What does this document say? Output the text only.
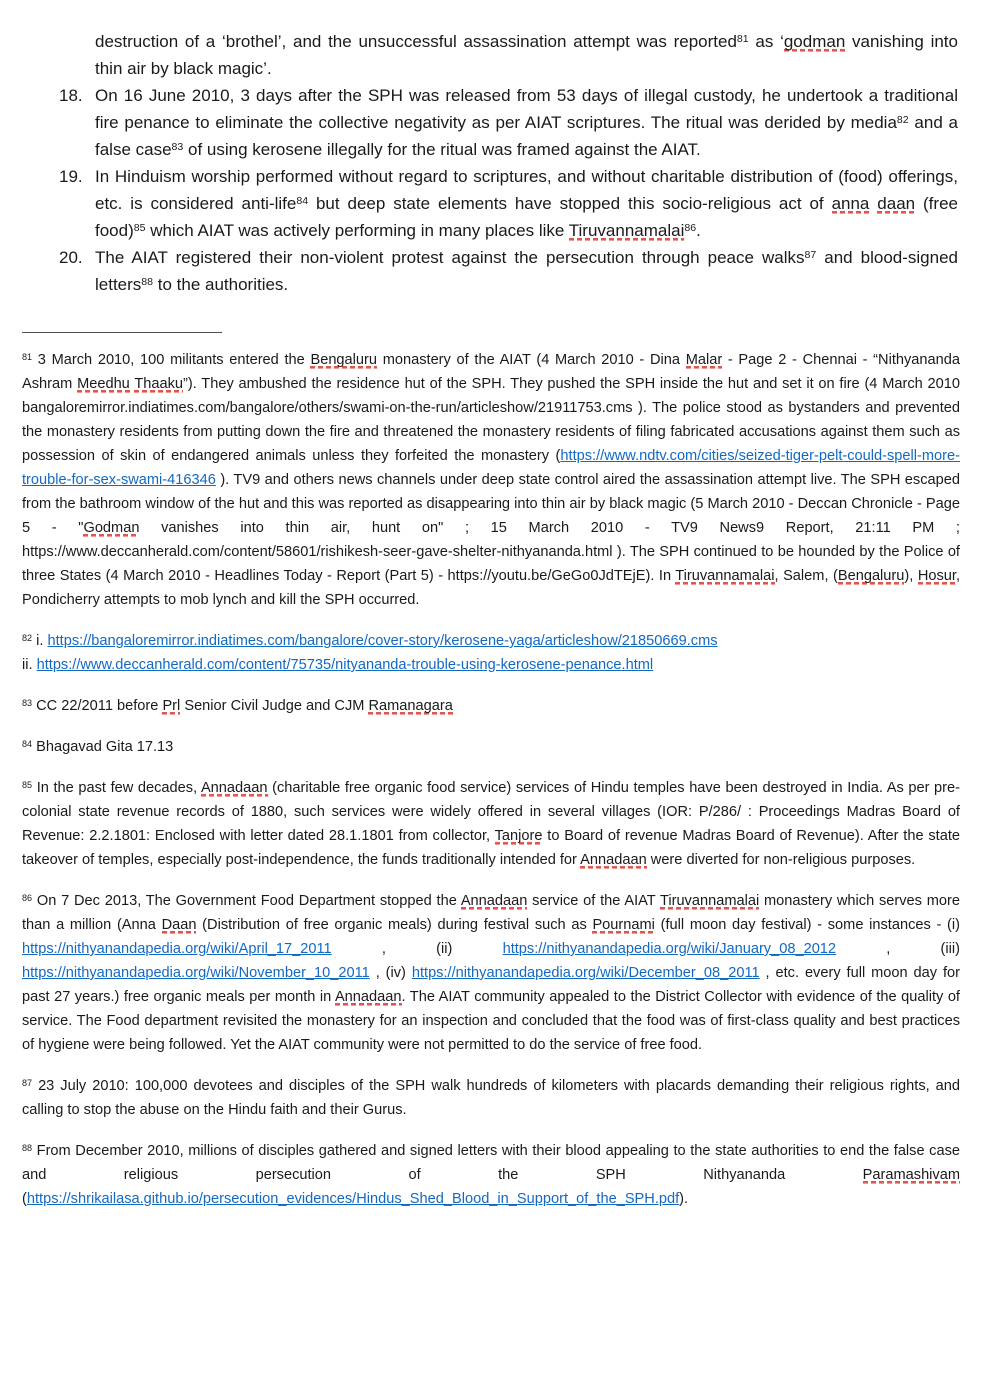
destruction of a ‘brothel’, and the unsuccessful assassination attempt was reported$^{81}$ as ‘godman vanishing into thin air by black magic’.
18. On 16 June 2010, 3 days after the SPH was released from 53 days of illegal custody, he undertook a traditional fire penance to eliminate the collective negativity as per AIAT scriptures. The ritual was derided by media$^{82}$ and a false case$^{83}$ of using kerosene illegally for the ritual was framed against the AIAT.
19. In Hinduism worship performed without regard to scriptures, and without charitable distribution of (food) offerings, etc. is considered anti-life$^{84}$ but deep state elements have stopped this socio-religious act of anna daan (free food)$^{85}$ which AIAT was actively performing in many places like Tiruvannamalai$^{86}$.
20. The AIAT registered their non-violent protest against the persecution through peace walks$^{87}$ and blood-signed letters$^{88}$ to the authorities.

$^{81}$ 3 March 2010, 100 militants entered the Bengaluru monastery of the AIAT (4 March 2010 - Dina Malar - Page 2 - Chennai - “Nithyananda Ashram Meedhu Thaaku”). They ambushed the residence hut of the SPH. They pushed the SPH inside the hut and set it on fire (4 March 2010 bangaloremirror.indiatimes.com/bangalore/others/swami-on-the-run/articleshow/21911753.cms ). The police stood as bystanders and prevented the monastery residents from putting down the fire and threatened the monastery residents of filing fabricated accusations against them such as possession of skin of endangered animals unless they forfeited the monastery (https://www.ndtv.com/cities/seized-tiger-pelt-could-spell-more-trouble-for-sex-swami-416346 ). TV9 and others news channels under deep state control aired the assassination attempt live. The SPH escaped from the bathroom window of the hut and this was reported as disappearing into thin air by black magic (5 March 2010 - Deccan Chronicle - Page 5 - "Godman vanishes into thin air, hunt on" ; 15 March 2010 - TV9 News9 Report, 21:11 PM ; https://www.deccanherald.com/content/58601/rishikesh-seer-gave-shelter-nithyananda.html ). The SPH continued to be hounded by the Police of three States (4 March 2010 - Headlines Today - Report (Part 5) - https://youtu.be/GeGo0JdTEjE). In Tiruvannamalai, Salem, (Bengaluru), Hosur, Pondicherry attempts to mob lynch and kill the SPH occurred.

$^{82}$ i. https://bangaloremirror.indiatimes.com/bangalore/cover-story/kerosene-yaga/articleshow/21850669.cms

ii. https://www.deccanherald.com/content/75735/nityananda-trouble-using-kerosene-penance.html

$^{83}$ CC 22/2011 before Prl Senior Civil Judge and CJM Ramanagara

$^{84}$ Bhagavad Gita 17.13

$^{85}$ In the past few decades, Annadaan (charitable free organic food service) services of Hindu temples have been destroyed in India. As per pre-colonial state revenue records of 1880, such services were widely offered in several villages (IOR: P/286/ : Proceedings Madras Board of Revenue: 2.2.1801: Enclosed with letter dated 28.1.1801 from collector, Tanjore to Board of revenue Madras Board of Revenue). After the state takeover of temples, especially post-independence, the funds traditionally intended for Annadaan were diverted for non-religious purposes.

$^{86}$ On 7 Dec 2013, The Government Food Department stopped the Annadaan service of the AIAT Tiruvannamalai monastery which serves more than a million (Anna Daan (Distribution of free organic meals) during festival such as Pournami (full moon day festival) - some instances - (i) https://nithyanandapedia.org/wiki/April_17_2011 , (ii) https://nithyanandapedia.org/wiki/January_08_2012 , (iii) https://nithyanandapedia.org/wiki/November_10_2011 , (iv) https://nithyanandapedia.org/wiki/December_08_2011 , etc. every full moon day for past 27 years.) free organic meals per month in Annadaan. The AIAT community appealed to the District Collector with evidence of the quality of service. The Food department revisited the monastery for an inspection and concluded that the food was of first-class quality and best practices of hygiene were being followed. Yet the AIAT community were not permitted to do the service of free food.

$^{87}$ 23 July 2010: 100,000 devotees and disciples of the SPH walk hundreds of kilometers with placards demanding their religious rights, and calling to stop the abuse on the Hindu faith and their Gurus.

$^{88}$ From December 2010, millions of disciples gathered and signed letters with their blood appealing to the state authorities to end the false case and religious persecution of the SPH Nithyananda Paramashivam (https://shrikailasa.github.io/persecution_evidences/Hindus_Shed_Blood_in_Support_of_the_SPH.pdf).
